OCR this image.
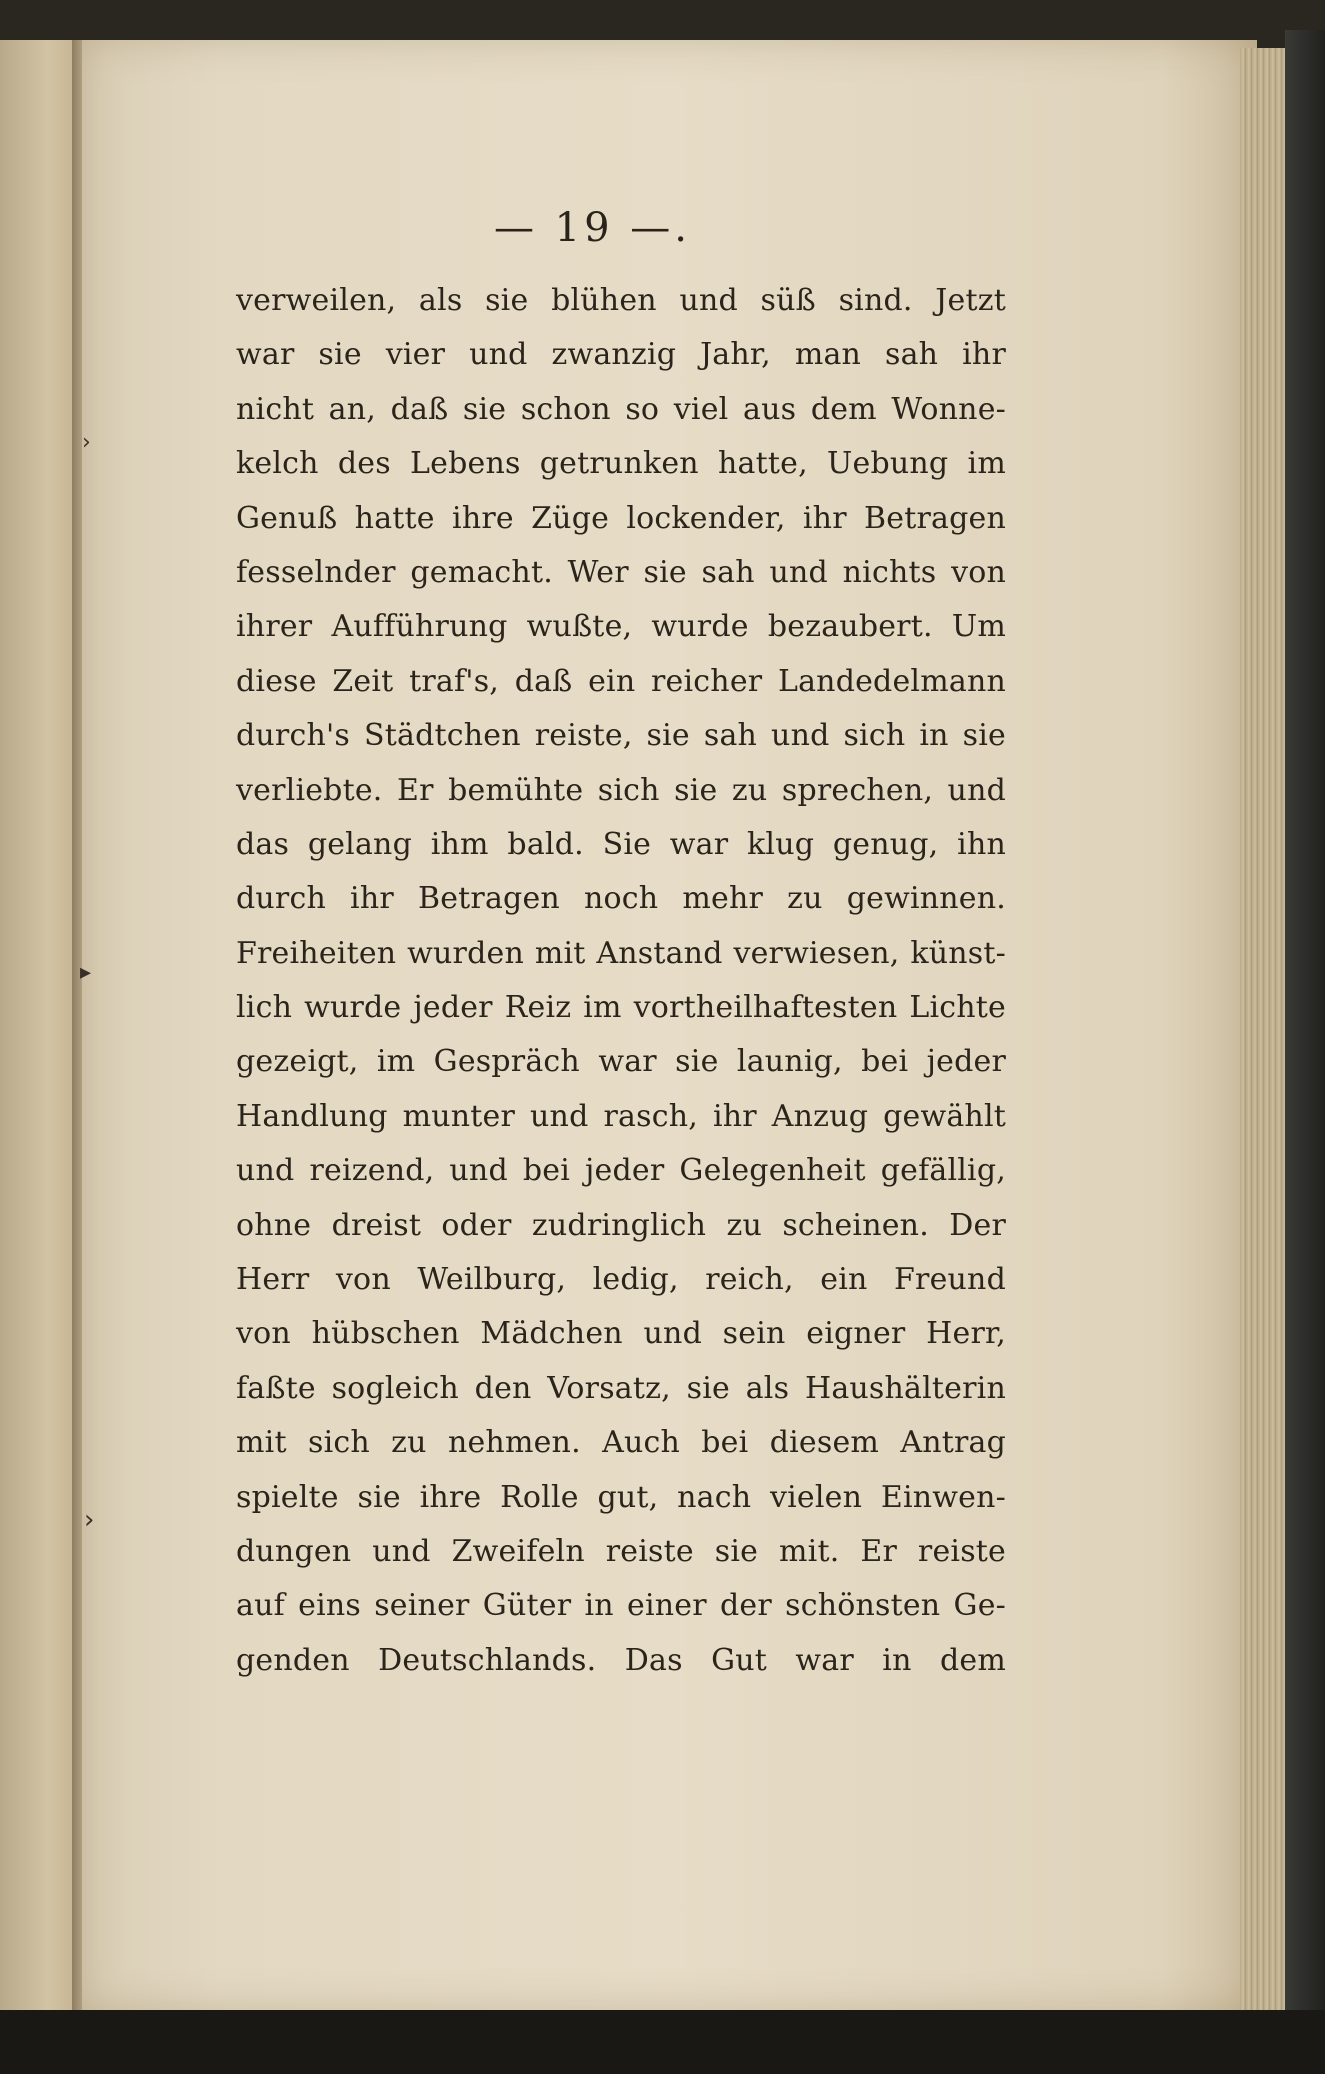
›
▸
›
— 19 —.
verweilen, als sie blühen und süß sind. Jetzt
war sie vier und zwanzig Jahr, man sah ihr
nicht an, daß sie schon so viel aus dem Wonne-
kelch des Lebens getrunken hatte, Uebung im
Genuß hatte ihre Züge lockender, ihr Betragen
fesselnder gemacht. Wer sie sah und nichts von
ihrer Aufführung wußte, wurde bezaubert. Um
diese Zeit traf's, daß ein reicher Landedelmann
durch's Städtchen reiste, sie sah und sich in sie
verliebte. Er bemühte sich sie zu sprechen, und
das gelang ihm bald. Sie war klug genug, ihn
durch ihr Betragen noch mehr zu gewinnen.
Freiheiten wurden mit Anstand verwiesen, künst-
lich wurde jeder Reiz im vortheilhaftesten Lichte
gezeigt, im Gespräch war sie launig, bei jeder
Handlung munter und rasch, ihr Anzug gewählt
und reizend, und bei jeder Gelegenheit gefällig,
ohne dreist oder zudringlich zu scheinen. Der
Herr von Weilburg, ledig, reich, ein Freund
von hübschen Mädchen und sein eigner Herr,
faßte sogleich den Vorsatz, sie als Haushälterin
mit sich zu nehmen. Auch bei diesem Antrag
spielte sie ihre Rolle gut, nach vielen Einwen-
dungen und Zweifeln reiste sie mit. Er reiste
auf eins seiner Güter in einer der schönsten Ge-
genden Deutschlands. Das Gut war in dem
